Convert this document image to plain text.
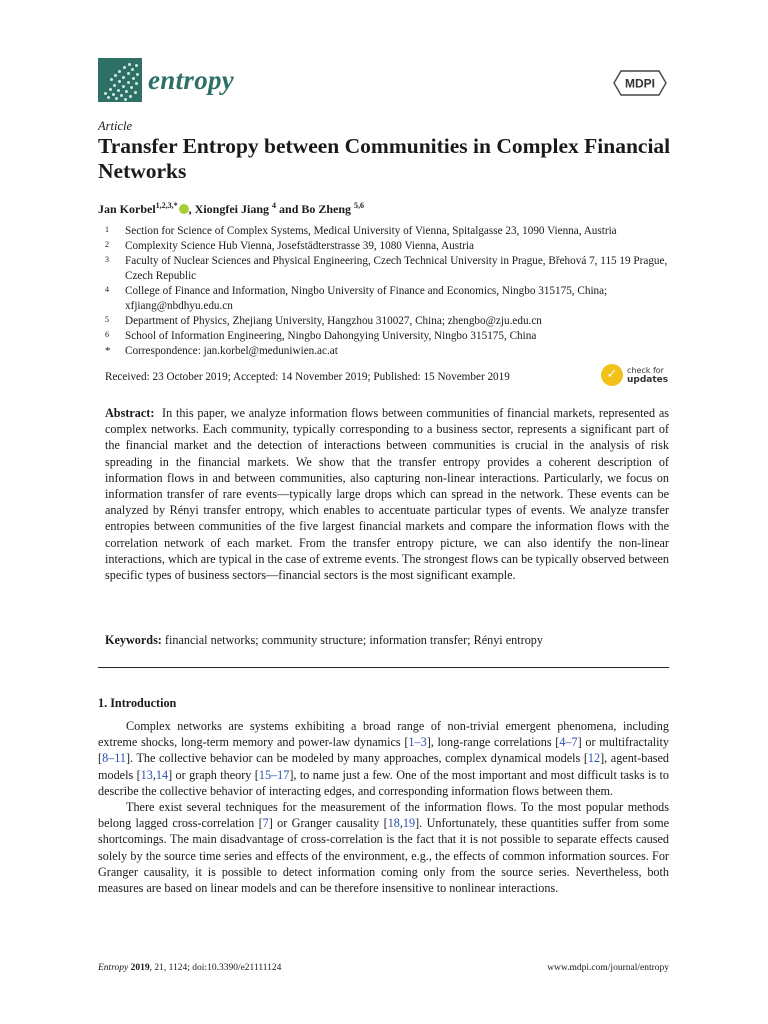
entropy	MDPI
Article
Transfer Entropy between Communities in Complex Financial Networks
Jan Korbel$^{1,2,3,*}$ , Xiongfei Jiang $^4$ and Bo Zheng $^{5,6}$
1	Section for Science of Complex Systems, Medical University of Vienna, Spitalgasse 23, 1090 Vienna, Austria
2	Complexity Science Hub Vienna, Josefstädterstrasse 39, 1080 Vienna, Austria
3	Faculty of Nuclear Sciences and Physical Engineering, Czech Technical University in Prague, Břehová 7, 115 19 Prague, Czech Republic
4	College of Finance and Information, Ningbo University of Finance and Economics, Ningbo 315175, China; xfjiang@nbdhyu.edu.cn
5	Department of Physics, Zhejiang University, Hangzhou 310027, China; zhengbo@zju.edu.cn
6	School of Information Engineering, Ningbo Dahongying University, Ningbo 315175, China
*	Correspondence: jan.korbel@meduniwien.ac.at
Received: 23 October 2019; Accepted: 14 November 2019; Published: 15 November 2019	✓	check for
updates

Abstract: In this paper, we analyze information flows between communities of financial markets, represented as complex networks. Each community, typically corresponding to a business sector, represents a significant part of the financial market and the detection of interactions between communities is crucial in the analysis of risk spreading in the financial markets. We show that the transfer entropy provides a coherent description of information flows in and between communities, also capturing non-linear interactions. Particularly, we focus on information transfer of rare events—typically large drops which can spread in the network. These events can be analyzed by Rényi transfer entropy, which enables to accentuate particular types of events. We analyze transfer entropies between communities of the five largest financial markets and compare the information flows with the correlation network of each market. From the transfer entropy picture, we can also identify the non-linear interactions, which are typical in the case of extreme events. The strongest flows can be typically observed between specific types of business sectors—financial sectors is the most significant example.

Keywords: financial networks; community structure; information transfer; Rényi entropy

1. Introduction

Complex networks are systems exhibiting a broad range of non-trivial emergent phenomena, including extreme shocks, long-term memory and power-law dynamics [1–3], long-range correlations [4–7] or multifractality [8–11]. The collective behavior can be modeled by many approaches, complex dynamical models [12], agent-based models [13,14] or graph theory [15–17], to name just a few. One of the most important and most difficult tasks is to describe the collective behavior of interacting edges, and corresponding information flows between them.

There exist several techniques for the measurement of the information flows. To the most popular methods belong lagged cross-correlation [7] or Granger causality [18,19]. Unfortunately, these quantities suffer from some shortcomings. The main disadvantage of cross-correlation is the fact that it is not possible to separate effects caused solely by the source time series and effects of the environment, e.g., the effects of common information sources. For Granger causality, it is possible to detect information coming only from the source series. Nevertheless, both measures are based on linear models and can be therefore insensitive to nonlinear interactions.

Entropy 2019, 21, 1124; doi:10.3390/e21111124	www.mdpi.com/journal/entropy
